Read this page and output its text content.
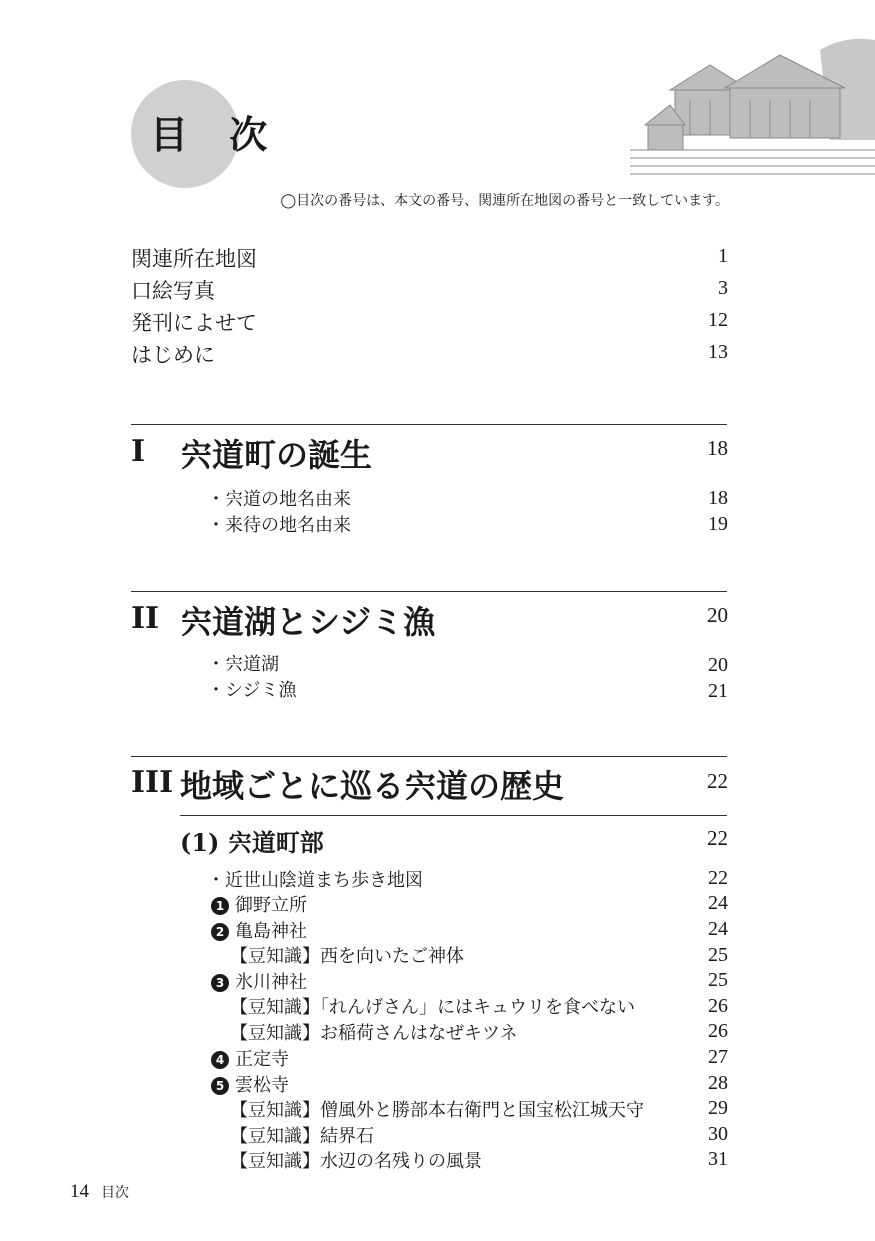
目 次
◯目次の番号は、本文の番号、関連所在地図の番号と一致しています。
関連所在地図	1
口絵写真	3
発刊によせて	12
はじめに	13
I 宍道町の誕生	18
・宍道の地名由来	18
・来待の地名由来	19
II 宍道湖とシジミ漁	20
・宍道湖	20
・シジミ漁	21
III 地域ごとに巡る宍道の歴史	22
(1) 宍道町部	22
・近世山陰道まち歩き地図	22
1 御野立所	24
2 亀島神社	24
【豆知識】西を向いたご神体	25
3 氷川神社	25
【豆知識】「れんげさん」にはキュウリを食べない	26
【豆知識】お稲荷さんはなぜキツネ	26
4 正定寺	27
5 雲松寺	28
【豆知識】僧風外と勝部本右衛門と国宝松江城天守	29
【豆知識】結界石	30
【豆知識】水辺の名残りの風景	31
14 目次
